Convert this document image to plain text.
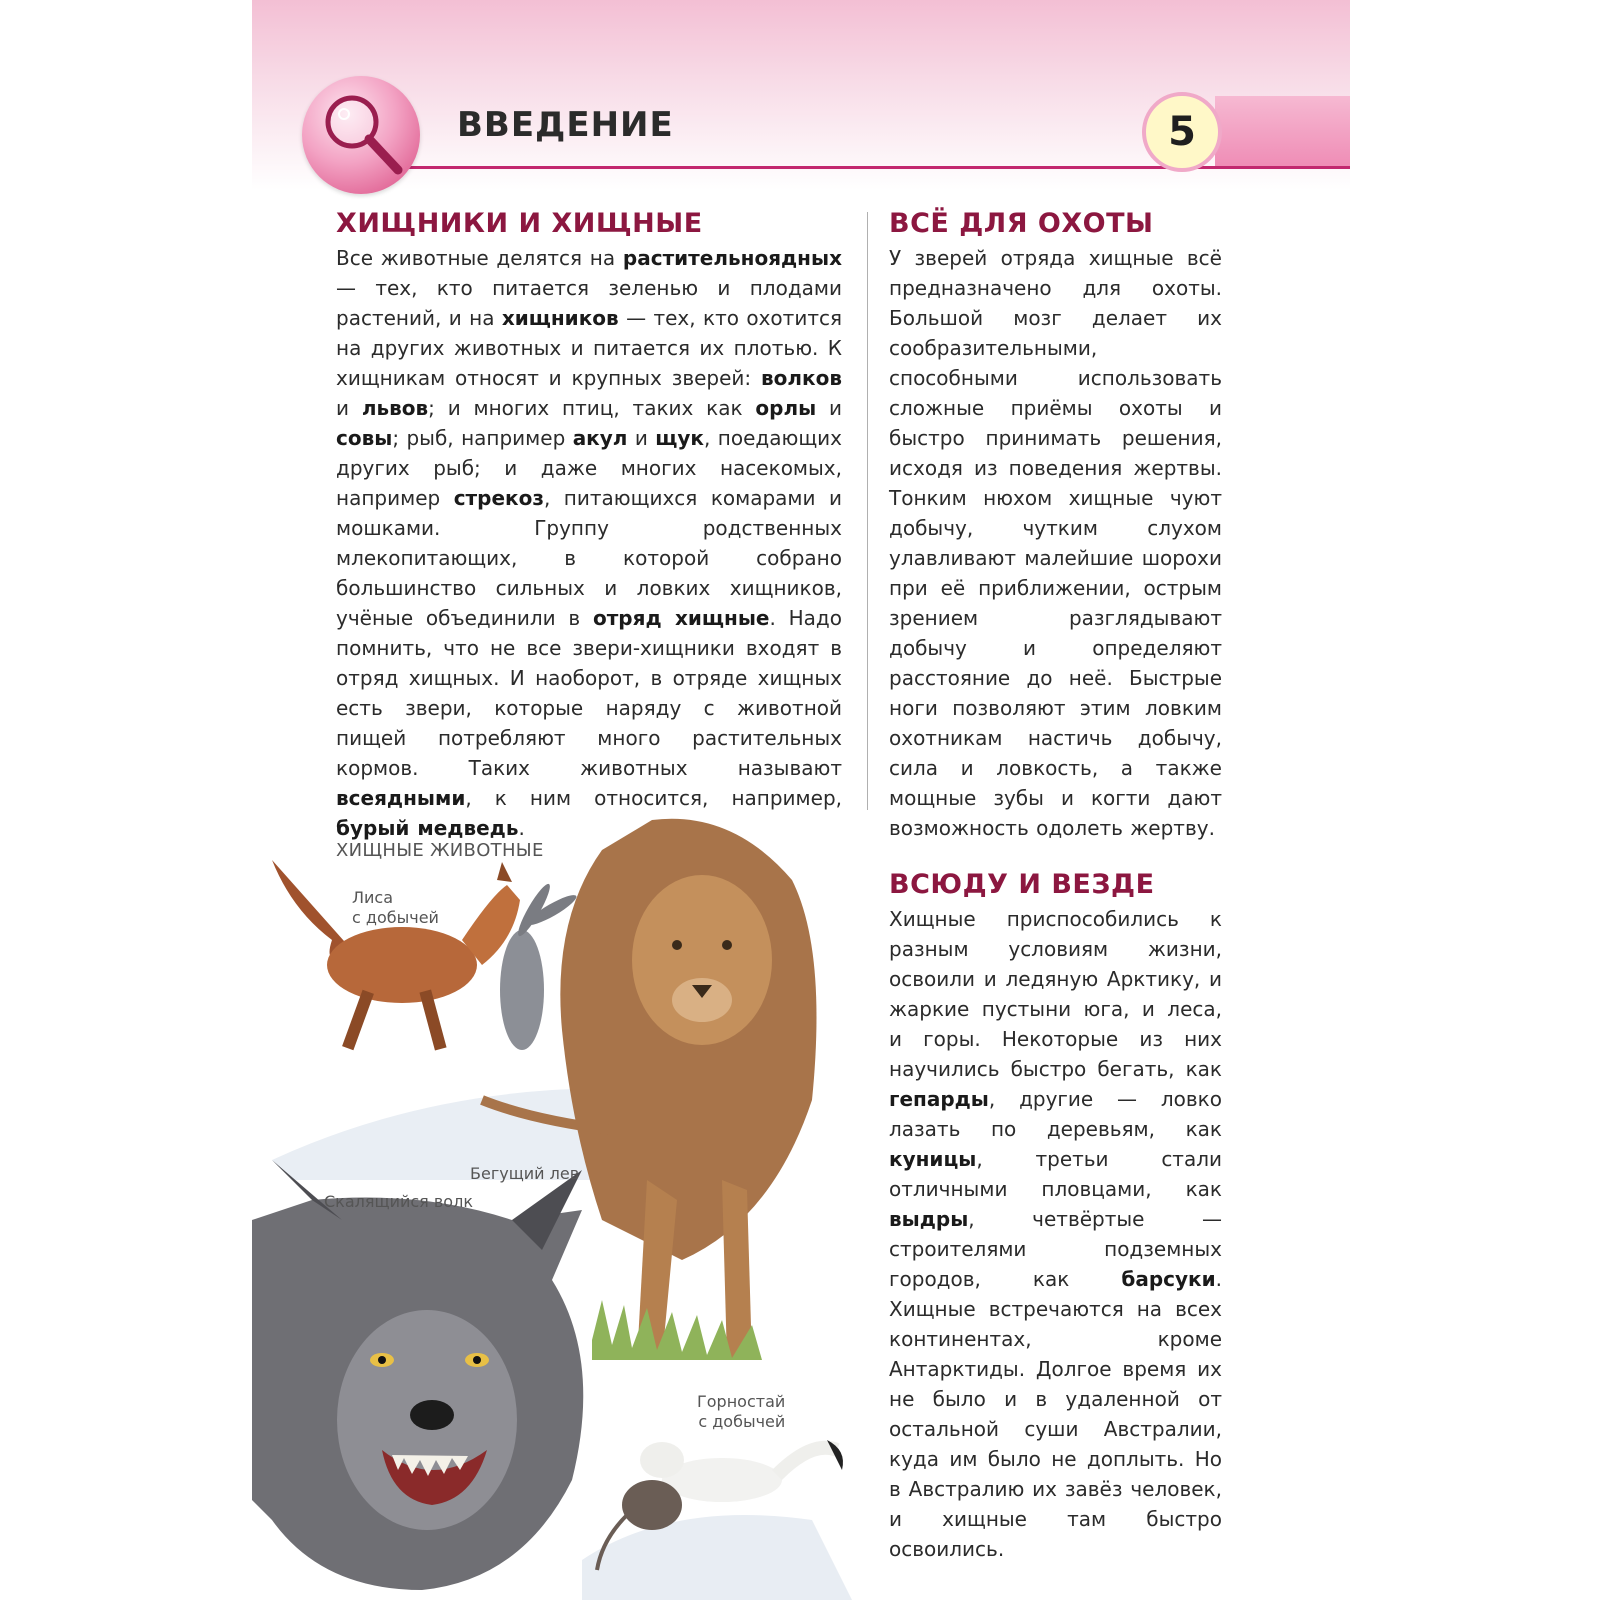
ВВЕДЕНИЕ	5
ХИЩНИКИ И ХИЩНЫЕ

Все животные делятся на растительноядных — тех, кто питается зеленью и плодами растений, и на хищников — тех, кто охотится на других животных и питается их плотью. К хищникам относят и крупных зверей: волков и львов; и многих птиц, таких как орлы и совы; рыб, например акул и щук, поедающих других рыб; и даже многих насекомых, например стрекоз, питающихся комарами и мошками. Группу родственных млекопитающих, в которой собрано большинство сильных и ловких хищников, учёные объединили в отряд хищные. Надо помнить, что не все звери-хищники входят в отряд хищных. И наоборот, в отряде хищных есть звери, которые наряду с животной пищей потребляют много растительных кормов. Таких животных называют всеядными, к ним относится, например, бурый медведь.

ВСЁ ДЛЯ ОХОТЫ

У зверей отряда хищные всё предназначено для охоты. Большой мозг делает их сообразительными, способными использовать сложные приёмы охоты и быстро принимать решения, исходя из поведения жертвы. Тонким нюхом хищные чуют добычу, чутким слухом улавливают малейшие шорохи при её приближении, острым зрением разглядывают добычу и определяют расстояние до неё. Быстрые ноги позволяют этим ловким охотникам настичь добычу, сила и ловкость, а также мощные зубы и когти дают возможность одолеть жертву.

ВСЮДУ И ВЕЗДЕ

Хищные приспособились к разным условиям жизни, освоили и ледяную Арктику, и жаркие пустыни юга, и леса, и горы. Некоторые из них научились быстро бегать, как гепарды, другие — ловко лазать по деревьям, как куницы, третьи стали отличными пловцами, как выдры, четвёртые — строителями подземных городов, как барсуки. Хищные встречаются на всех континентах, кроме Антарктиды. Долгое время их не было и в удаленной от остальной суши Австралии, куда им было не доплыть. Но в Австралию их завёз человек, и хищные там быстро освоились.

ХИЩНЫЕ ЖИВОТНЫЕ
Лиса
с добычей
Бегущий лев
Скалящийся волк
Горностай
с добычей
